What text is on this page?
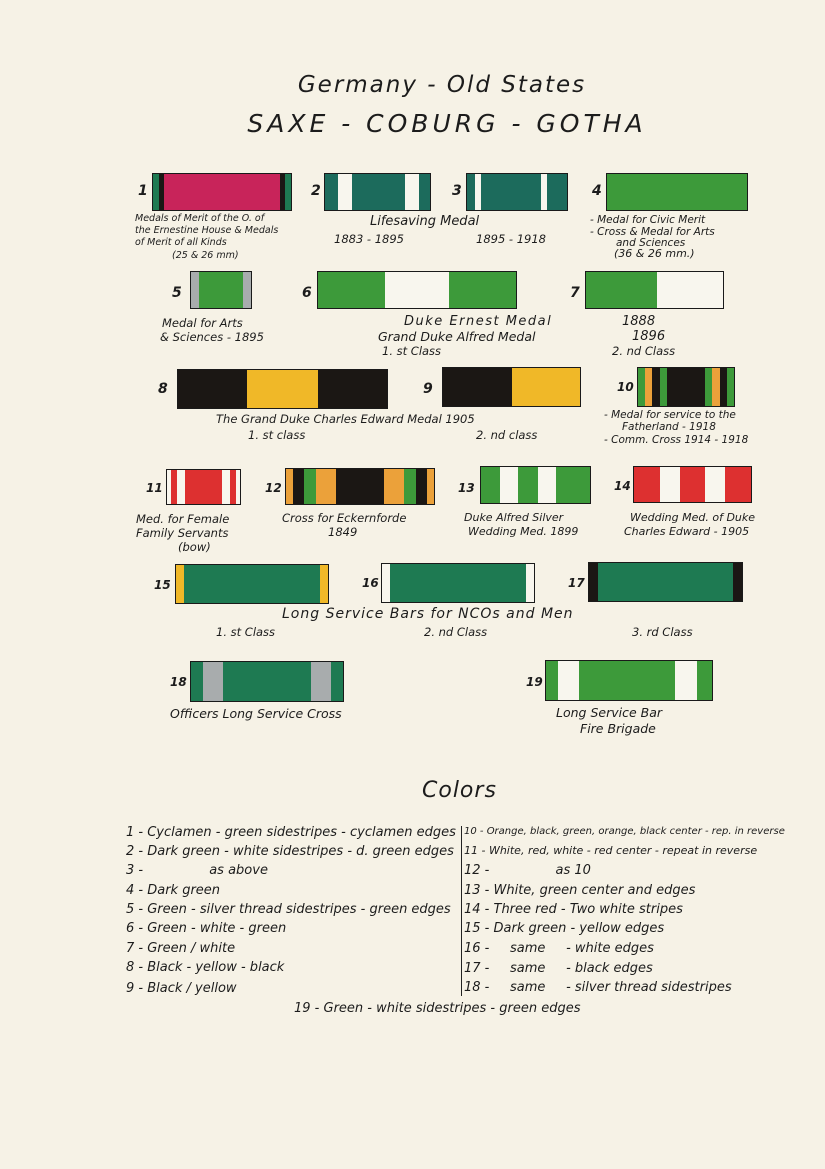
Germany - Old States
SAXE - COBURG - GOTHA
1	2	3	4
Medals of Merit of the O. of
the Ernestine House & Medals
of Merit of all Kinds
(25 & 26 mm)
Lifesaving Medal
1883 - 1895	1895 - 1918
- Medal for Civic Merit
- Cross & Medal for Arts
and Sciences
(36 & 26 mm.)
5	6	7
Medal for Arts
& Sciences - 1895
Duke Ernest Medal
Grand Duke Alfred Medal
1. st Class
1888
1896
2. nd Class
8	9	10
The Grand Duke Charles Edward Medal 1905
1. st class	2. nd class
- Medal for service to the
Fatherland - 1918
- Comm. Cross 1914 - 1918
11	12	13	14
Med. for Female
Family Servants
(bow)
Cross for Eckernforde
1849
Duke Alfred Silver
Wedding Med. 1899
Wedding Med. of Duke
Charles Edward - 1905
15	16	17
Long Service Bars for NCOs and Men
1. st Class	2. nd Class	3. rd Class
18	19
Officers Long Service Cross	Long Service Bar
Fire Brigade
Colors
1 - Cyclamen - green sidestripes - cyclamen edges
2 - Dark green - white sidestripes - d. green edges
3 -                as above
4 - Dark green
5 - Green - silver thread sidestripes - green edges
6 - Green - white - green
7 - Green / white
8 - Black - yellow - black
9 - Black / yellow
10 - Orange, black, green, orange, black center - rep. in reverse
11 - White, red, white - red center - repeat in reverse
12 -                as 10
13 - White, green center and edges
14 - Three red - Two white stripes
15 - Dark green - yellow edges
16 -     same     - white edges
17 -     same     - black edges
18 -     same     - silver thread sidestripes
19 - Green - white sidestripes - green edges
